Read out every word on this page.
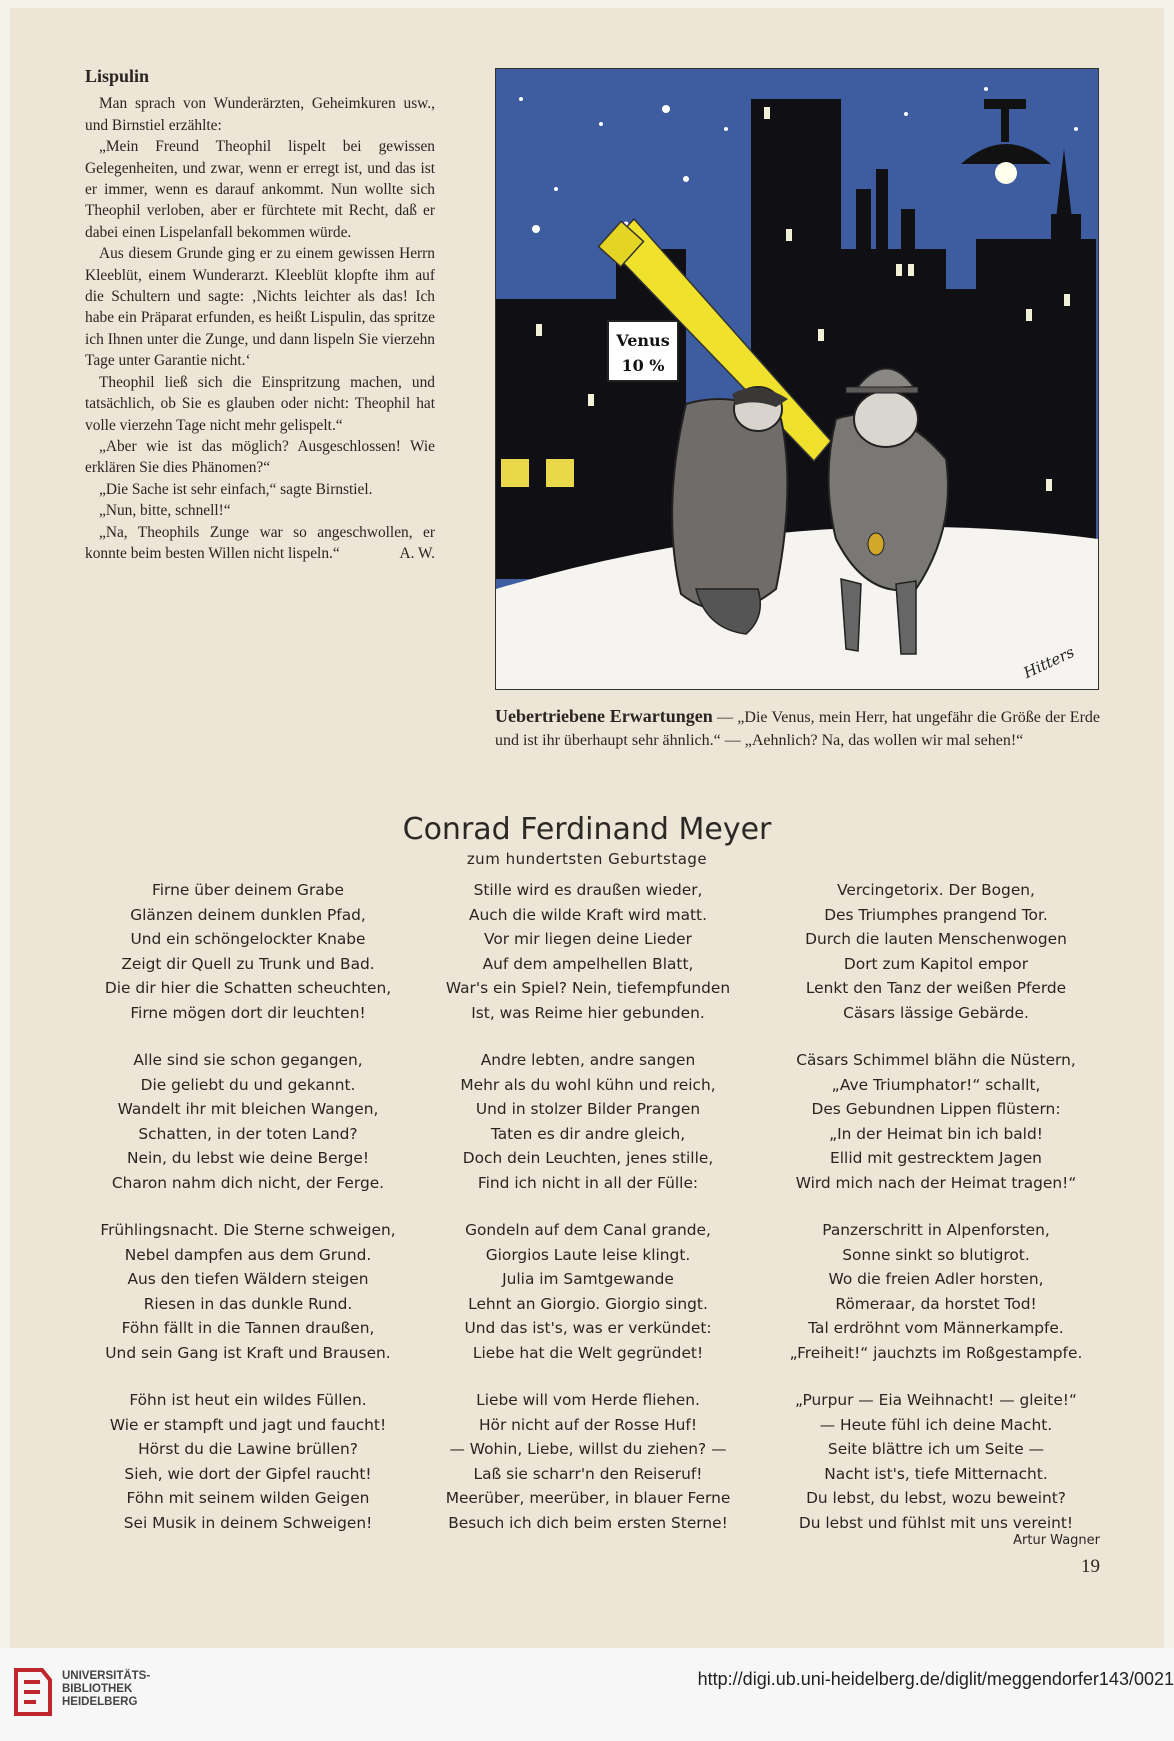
Lispulin

Man sprach von Wunderärzten, Geheimkuren usw., und Birnstiel erzählte:

„Mein Freund Theophil lispelt bei gewissen Gelegenheiten, und zwar, wenn er erregt ist, und das ist er immer, wenn es darauf ankommt. Nun wollte sich Theophil verloben, aber er fürchtete mit Recht, daß er dabei einen Lispelanfall bekommen würde.

Aus diesem Grunde ging er zu einem gewissen Herrn Kleeblüt, einem Wunderarzt. Kleeblüt klopfte ihm auf die Schultern und sagte: ‚Nichts leichter als das! Ich habe ein Präparat erfunden, es heißt Lispulin, das spritze ich Ihnen unter die Zunge, und dann lispeln Sie vierzehn Tage unter Garantie nicht.‘

Theophil ließ sich die Einspritzung machen, und tatsächlich, ob Sie es glauben oder nicht: Theophil hat volle vierzehn Tage nicht mehr gelispelt.“

„Aber wie ist das möglich? Ausgeschlossen! Wie erklären Sie dies Phänomen?“

„Die Sache ist sehr einfach,“ sagte Birnstiel.

„Nun, bitte, schnell!“

„Na, Theophils Zunge war so angeschwollen, er konnte beim besten Willen nicht lispeln.“	A. W.
Venus
10 %
Hitters
Uebertriebene Erwartungen — „Die Venus, mein Herr, hat ungefähr die Größe der Erde und ist ihr überhaupt sehr ähnlich.“ — „Aehnlich? Na, das wollen wir mal sehen!“
Conrad Ferdinand Meyer
zum hundertsten Geburtstage
Firne über deinem Grabe
Glänzen deinem dunklen Pfad,
Und ein schöngelockter Knabe
Zeigt dir Quell zu Trunk und Bad.
Die dir hier die Schatten scheuchten,
Firne mögen dort dir leuchten!
Alle sind sie schon gegangen,
Die geliebt du und gekannt.
Wandelt ihr mit bleichen Wangen,
Schatten, in der toten Land?
Nein, du lebst wie deine Berge!
Charon nahm dich nicht, der Ferge.
Frühlingsnacht. Die Sterne schweigen,
Nebel dampfen aus dem Grund.
Aus den tiefen Wäldern steigen
Riesen in das dunkle Rund.
Föhn fällt in die Tannen draußen,
Und sein Gang ist Kraft und Brausen.
Föhn ist heut ein wildes Füllen.
Wie er stampft und jagt und faucht!
Hörst du die Lawine brüllen?
Sieh, wie dort der Gipfel raucht!
Föhn mit seinem wilden Geigen
Sei Musik in deinem Schweigen!
Stille wird es draußen wieder,
Auch die wilde Kraft wird matt.
Vor mir liegen deine Lieder
Auf dem ampelhellen Blatt,
War's ein Spiel? Nein, tiefempfunden
Ist, was Reime hier gebunden.
Andre lebten, andre sangen
Mehr als du wohl kühn und reich,
Und in stolzer Bilder Prangen
Taten es dir andre gleich,
Doch dein Leuchten, jenes stille,
Find ich nicht in all der Fülle:
Gondeln auf dem Canal grande,
Giorgios Laute leise klingt.
Julia im Samtgewande
Lehnt an Giorgio. Giorgio singt.
Und das ist's, was er verkündet:
Liebe hat die Welt gegründet!
Liebe will vom Herde fliehen.
Hör nicht auf der Rosse Huf!
— Wohin, Liebe, willst du ziehen? —
Laß sie scharr'n den Reiseruf!
Meerüber, meerüber, in blauer Ferne
Besuch ich dich beim ersten Sterne!
Vercingetorix. Der Bogen,
Des Triumphes prangend Tor.
Durch die lauten Menschenwogen
Dort zum Kapitol empor
Lenkt den Tanz der weißen Pferde
Cäsars lässige Gebärde.
Cäsars Schimmel blähn die Nüstern,
„Ave Triumphator!“ schallt,
Des Gebundnen Lippen flüstern:
„In der Heimat bin ich bald!
Ellid mit gestrecktem Jagen
Wird mich nach der Heimat tragen!“
Panzerschritt in Alpenforsten,
Sonne sinkt so blutigrot.
Wo die freien Adler horsten,
Römeraar, da horstet Tod!
Tal erdröhnt vom Männerkampfe.
„Freiheit!“ jauchzts im Roßgestampfe.
„Purpur — Eia Weihnacht! — gleite!“
— Heute fühl ich deine Macht.
Seite blättre ich um Seite —
Nacht ist's, tiefe Mitternacht.
Du lebst, du lebst, wozu beweint?
Du lebst und fühlst mit uns vereint!
Artur Wagner
19
UNIVERSITÄTS-
BIBLIOTHEK
HEIDELBERG
http://digi.ub.uni-heidelberg.de/diglit/meggendorfer143/0021
